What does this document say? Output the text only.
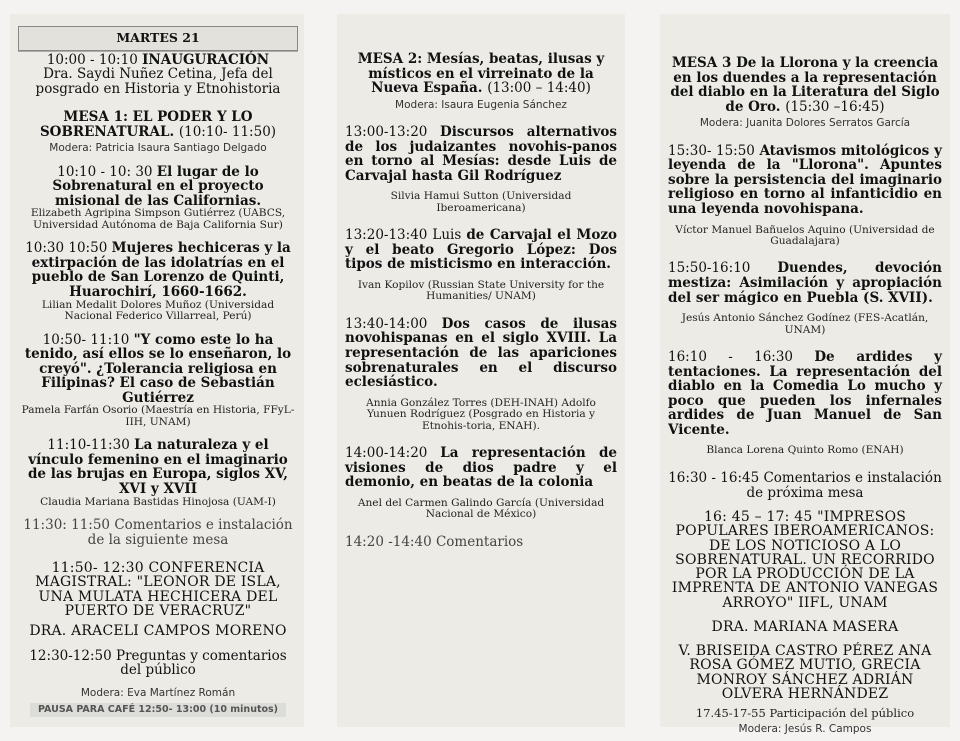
MARTES 21

10:00 - 10:10 INAUGURACIÓN

Dra. Saydi Nuñez Cetina, Jefa del posgrado en Historia y Etnohistoria

MESA 1: EL PODER Y LO SOBRENATURAL. (10:10- 11:50)

Modera: Patricia Isaura Santiago Delgado

10:10 - 10: 30 El lugar de lo Sobrenatural en el proyecto misional de las Californias.

Elizabeth Agripina Simpson Gutiérrez (UABCS, Universidad Autónoma de Baja California Sur)

10:30 10:50 Mujeres hechiceras y la extirpación de las idolatrías en el pueblo de San Lorenzo de Quinti, Huarochirí, 1660-1662.

Lilian Medalit Dolores Muñoz (Universidad Nacional Federico Villarreal, Perú)

10:50- 11:10 "Y como este lo ha tenido, así ellos se lo enseñaron, lo creyó". ¿Tolerancia religiosa en Filipinas? El caso de Sebastián Gutiérrez

Pamela Farfán Osorio (Maestría en Historia, FFyL-IIH, UNAM)

11:10-11:30 La naturaleza y el vínculo femenino en el imaginario de las brujas en Europa, siglos XV, XVI y XVII

Claudia Mariana Bastidas Hinojosa (UAM-I)

11:30: 11:50 Comentarios e instalación de la siguiente mesa

11:50- 12:30 CONFERENCIA MAGISTRAL: "LEONOR DE ISLA, UNA MULATA HECHICERA DEL PUERTO DE VERACRUZ"

DRA. ARACELI CAMPOS MORENO

12:30-12:50 Preguntas y comentarios del público

Modera: Eva Martínez Román

PAUSA PARA CAFÉ 12:50- 13:00 (10 minutos)

MESA 2: Mesías, beatas, ilusas y místicos en el virreinato de la Nueva España. (13:00 – 14:40)

Modera: Isaura Eugenia Sánchez

13:00-13:20 Discursos alternativos de los judaizantes novohis-panos en torno al Mesías: desde Luis de Carvajal hasta Gil Rodríguez

Silvia Hamui Sutton (Universidad Iberoamericana)

13:20-13:40 Luis de Carvajal el Mozo y el beato Gregorio López: Dos tipos de misticismo en interacción.

Ivan Kopilov (Russian State University for the Humanities/ UNAM)

13:40-14:00 Dos casos de ilusas novohispanas en el siglo XVIII. La representación de las apariciones sobrenaturales en el discurso eclesiástico.

Annia González Torres (DEH-INAH) Adolfo Yunuen Rodríguez (Posgrado en Historia y Etnohis-toria, ENAH).

14:00-14:20 La representación de visiones de dios padre y el demonio, en beatas de la colonia

Anel del Carmen Galindo García (Universidad Nacional de México)

14:20 -14:40 Comentarios

MESA 3 De la Llorona y la creencia en los duendes a la representación del diablo en la Literatura del Siglo de Oro. (15:30 –16:45)

Modera: Juanita Dolores Serratos García

15:30- 15:50 Atavismos mitológicos y leyenda de la "Llorona". Apuntes sobre la persistencia del imaginario religioso en torno al infanticidio en una leyenda novohispana.

Víctor Manuel Bañuelos Aquino (Universidad de Guadalajara)

15:50-16:10 Duendes, devoción mestiza: Asimilación y apropiación del ser mágico en Puebla (S. XVII).

Jesús Antonio Sánchez Godínez (FES-Acatlán, UNAM)

16:10 - 16:30 De ardides y tentaciones. La representación del diablo en la Comedia Lo mucho y poco que pueden los infernales ardides de Juan Manuel de San Vicente.

Blanca Lorena Quinto Romo (ENAH)

16:30 - 16:45 Comentarios e instalación de próxima mesa

16: 45 – 17: 45 "IMPRESOS POPULARES IBEROAMERICANOS: DE LOS NOTICIOSO A LO SOBRENATURAL. UN RECORRIDO POR LA PRODUCCIÓN DE LA IMPRENTA DE ANTONIO VANEGAS ARROYO" IIFL, UNAM

DRA. MARIANA MASERA

V. BRISEIDA CASTRO PÉREZ ANA ROSA GÓMEZ MUTIO, GRECIA MONROY SÁNCHEZ ADRIÁN OLVERA HERNÁNDEZ

17.45-17-55 Participación del público

Modera: Jesús R. Campos
